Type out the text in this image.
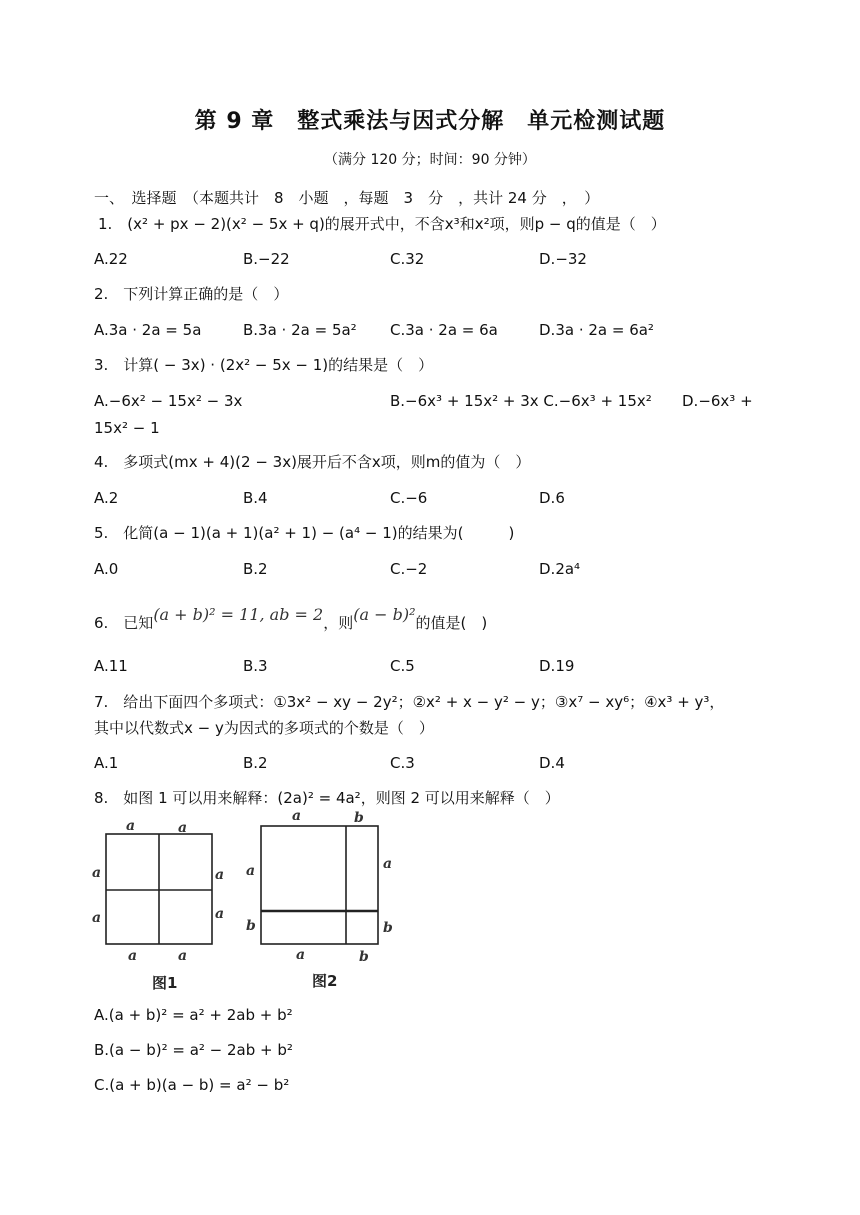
第 9 章　整式乘法与因式分解　单元检测试题
（满分 120 分；时间：90 分钟）
一、　选择题　（本题共计　8　小题　，每题　3　分　，共计 24 分　，　）
1.　(x² + px − 2)(x² − 5x + q)的展开式中，不含x³和x²项，则p − q的值是（　）
A.22	B.−22	C.32	D.−32
2.　下列计算正确的是（　）
A.3a · 2a = 5a	B.3a · 2a = 5a² C.3a · 2a = 6a	D.3a · 2a = 6a²
3.　计算( − 3x) · (2x² − 5x − 1)的结果是（　）
A.−6x² − 15x² − 3x	B.−6x³ + 15x² + 3x C.−6x³ + 15x² D.−6x³ +
15x² − 1
4.　多项式(mx + 4)(2 − 3x)展开后不含x项，则m的值为（　）
A.2	B.4	C.−6	D.6
5.　化简(a − 1)(a + 1)(a² + 1) − (a⁴ − 1)的结果为(　　　)
A.0	B.2	C.−2	D.2a⁴
6.　已知(a + b)² = 11, ab = 2，则(a − b)²的值是(　)
A.11	B.3	C.5	D.19
7.　给出下面四个多项式：①3x² − xy − 2y²；②x² + x − y² − y；③x⁷ − xy⁶；④x³ + y³，
其中以代数式x − y为因式的多项式的个数是（　）
A.1	B.2	C.3	D.4
8.　如图 1 可以用来解释：(2a)² = 4a²，则图 2 可以用来解释（　）
a	a
a
a
a
a
a	a
图1
a	b
a
b
a
b
a	b
图2
A.(a + b)² = a² + 2ab + b²
B.(a − b)² = a² − 2ab + b²
C.(a + b)(a − b) = a² − b²
